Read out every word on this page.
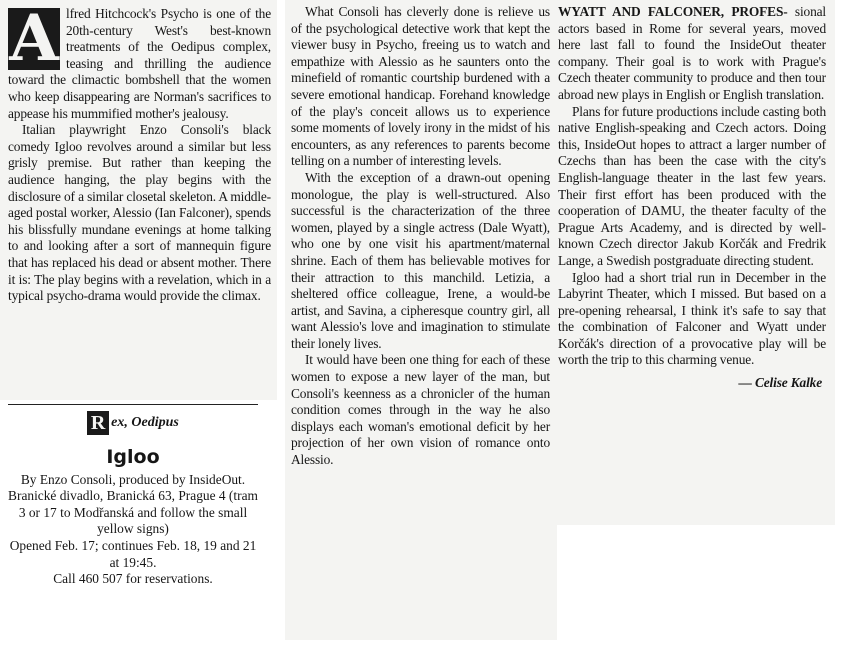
A lfred Hitchcock's Psycho is one of the 20th-century West's best-known treatments of the Oedipus complex, teasing and thrilling the audience toward the climactic bombshell that the women who keep disappearing are Norman's sacrifices to appease his mummified mother's jealousy.

Italian playwright Enzo Consoli's black comedy Igloo revolves around a similar but less grisly premise. But rather than keeping the audience hanging, the play begins with the disclosure of a similar closetal skeleton. A middle-aged postal worker, Alessio (Ian Falconer), spends his blissfully mundane evenings at home talking to and looking after a sort of mannequin figure that has replaced his dead or absent mother. There it is: The play begins with a revelation, which in a typical psycho-drama would provide the climax.

R ex, Oedipus
Igloo
By Enzo Consoli, produced by InsideOut.
Branické divadlo, Branická 63, Prague 4 (tram 3 or 17 to Modřanská and follow the small yellow signs)
Opened Feb. 17; continues Feb. 18, 19 and 21 at 19:45.
Call 460 507 for reservations.

What Consoli has cleverly done is relieve us of the psychological detective work that kept the viewer busy in Psycho, freeing us to watch and empathize with Alessio as he saunters onto the minefield of romantic courtship burdened with a severe emotional handicap. Forehand knowledge of the play's conceit allows us to experience some moments of lovely irony in the midst of his encounters, as any references to parents become telling on a number of interesting levels.

With the exception of a drawn-out opening monologue, the play is well-structured. Also successful is the characterization of the three women, played by a single actress (Dale Wyatt), who one by one visit his apartment/maternal shrine. Each of them has believable motives for their attraction to this manchild. Letizia, a sheltered office colleague, Irene, a would-be artist, and Savina, a cipheresque country girl, all want Alessio's love and imagination to stimulate their lonely lives.

It would have been one thing for each of these women to expose a new layer of the man, but Consoli's keenness as a chronicler of the human condition comes through in the way he also displays each woman's emotional deficit by her projection of her own vision of romance onto Alessio.

WYATT AND FALCONER, PROFES- sional actors based in Rome for several years, moved here last fall to found the InsideOut theater company. Their goal is to work with Prague's Czech theater community to produce and then tour abroad new plays in English or English translation.

Plans for future productions include casting both native English-speaking and Czech actors. Doing this, InsideOut hopes to attract a larger number of Czechs than has been the case with the city's English-language theater in the last few years. Their first effort has been produced with the cooperation of DAMU, the theater faculty of the Prague Arts Academy, and is directed by well-known Czech director Jakub Korčák and Fredrik Lange, a Swedish postgraduate directing student.

Igloo had a short trial run in December in the Labyrint Theater, which I missed. But based on a pre-opening rehearsal, I think it's safe to say that the combination of Falconer and Wyatt under Korčák's direction of a provocative play will be worth the trip to this charming venue.

— Celise Kalke
